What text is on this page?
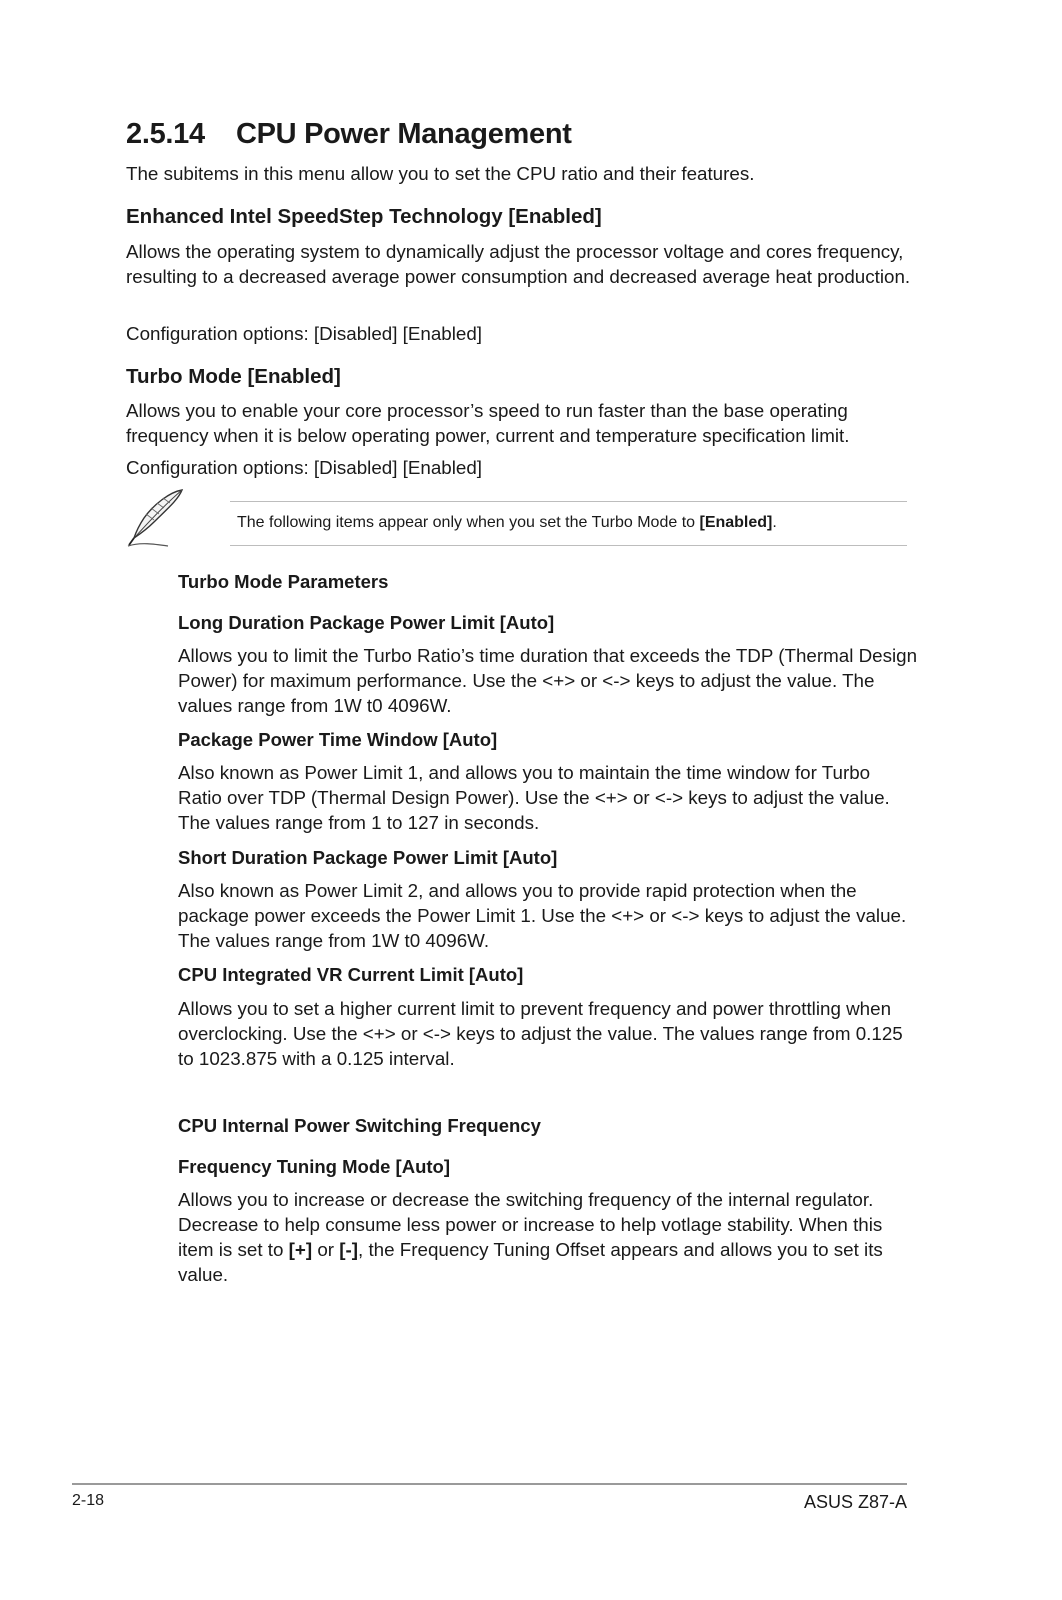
2.5.14 CPU Power Management

The subitems in this menu allow you to set the CPU ratio and their features.

Enhanced Intel SpeedStep Technology [Enabled]

Allows the operating system to dynamically adjust the processor voltage and cores frequency, resulting to a decreased average power consumption and decreased average heat production.

Configuration options: [Disabled] [Enabled]

Turbo Mode [Enabled]

Allows you to enable your core processor’s speed to run faster than the base operating frequency when it is below operating power, current and temperature specification limit.

Configuration options: [Disabled] [Enabled]

The following items appear only when you set the Turbo Mode to [Enabled].

Turbo Mode Parameters
Long Duration Package Power Limit [Auto]

Allows you to limit the Turbo Ratio’s time duration that exceeds the TDP (Thermal Design Power) for maximum performance. Use the <+> or <-> keys to adjust the value. The values range from 1W t0 4096W.

Package Power Time Window [Auto]

Also known as Power Limit 1, and allows you to maintain the time window for Turbo Ratio over TDP (Thermal Design Power). Use the <+> or <-> keys to adjust the value. The values range from 1 to 127 in seconds.

Short Duration Package Power Limit [Auto]

Also known as Power Limit 2, and allows you to provide rapid protection when the package power exceeds the Power Limit 1. Use the <+> or <-> keys to adjust the value. The values range from 1W t0 4096W.

CPU Integrated VR Current Limit [Auto]

Allows you to set a higher current limit to prevent frequency and power throttling when overclocking. Use the <+> or <-> keys to adjust the value. The values range from 0.125 to 1023.875 with a 0.125 interval.

CPU Internal Power Switching Frequency
Frequency Tuning Mode [Auto]

Allows you to increase or decrease the switching frequency of the internal regulator. Decrease to help consume less power or increase to help votlage stability. When this item is set to [+] or [-], the Frequency Tuning Offset appears and allows you to set its value.

2-18	ASUS Z87-A
